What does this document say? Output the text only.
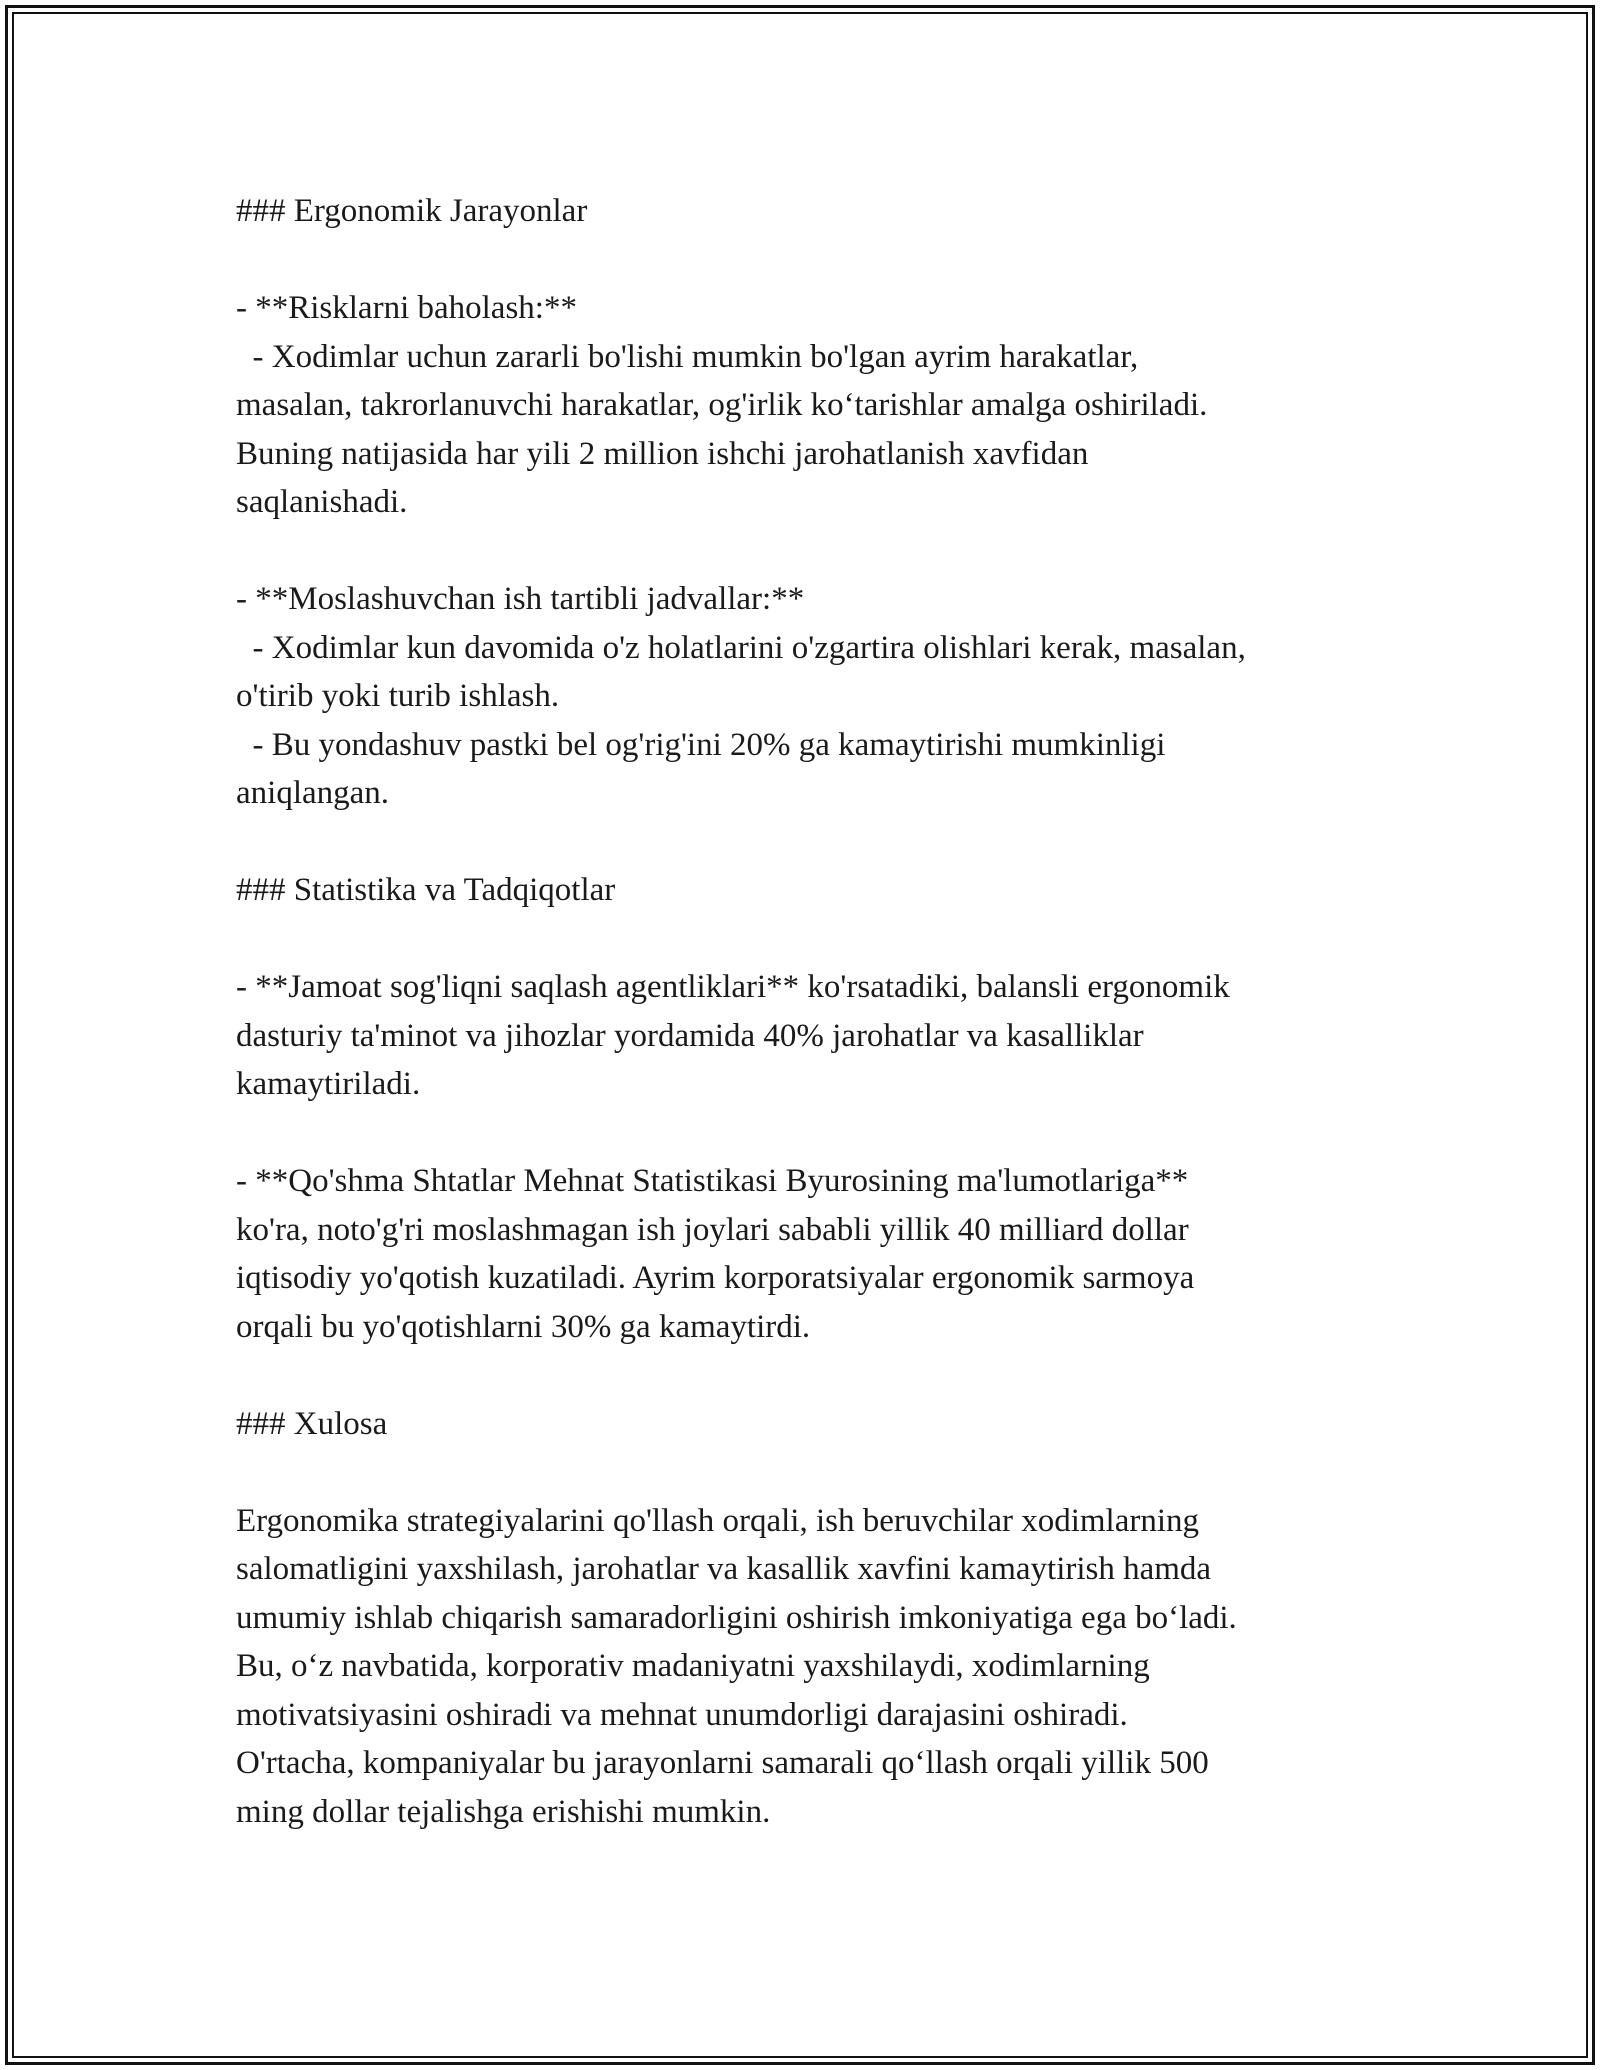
### Ergonomik Jarayonlar
- **Risklarni baholash:**
- Xodimlar uchun zararli bo'lishi mumkin bo'lgan ayrim harakatlar,
masalan, takrorlanuvchi harakatlar, og'irlik ko‘tarishlar amalga oshiriladi.
Buning natijasida har yili 2 million ishchi jarohatlanish xavfidan
saqlanishadi.
- **Moslashuvchan ish tartibli jadvallar:**
- Xodimlar kun davomida o'z holatlarini o'zgartira olishlari kerak, masalan,
o'tirib yoki turib ishlash.
- Bu yondashuv pastki bel og'rig'ini 20% ga kamaytirishi mumkinligi
aniqlangan.
### Statistika va Tadqiqotlar
- **Jamoat sog'liqni saqlash agentliklari** ko'rsatadiki, balansli ergonomik
dasturiy ta'minot va jihozlar yordamida 40% jarohatlar va kasalliklar
kamaytiriladi.
- **Qo'shma Shtatlar Mehnat Statistikasi Byurosining ma'lumotlariga**
ko'ra, noto'g'ri moslashmagan ish joylari sababli yillik 40 milliard dollar
iqtisodiy yo'qotish kuzatiladi. Ayrim korporatsiyalar ergonomik sarmoya
orqali bu yo'qotishlarni 30% ga kamaytirdi.
### Xulosa
Ergonomika strategiyalarini qo'llash orqali, ish beruvchilar xodimlarning
salomatligini yaxshilash, jarohatlar va kasallik xavfini kamaytirish hamda
umumiy ishlab chiqarish samaradorligini oshirish imkoniyatiga ega bo‘ladi.
Bu, o‘z navbatida, korporativ madaniyatni yaxshilaydi, xodimlarning
motivatsiyasini oshiradi va mehnat unumdorligi darajasini oshiradi.
O'rtacha, kompaniyalar bu jarayonlarni samarali qo‘llash orqali yillik 500
ming dollar tejalishga erishishi mumkin.
